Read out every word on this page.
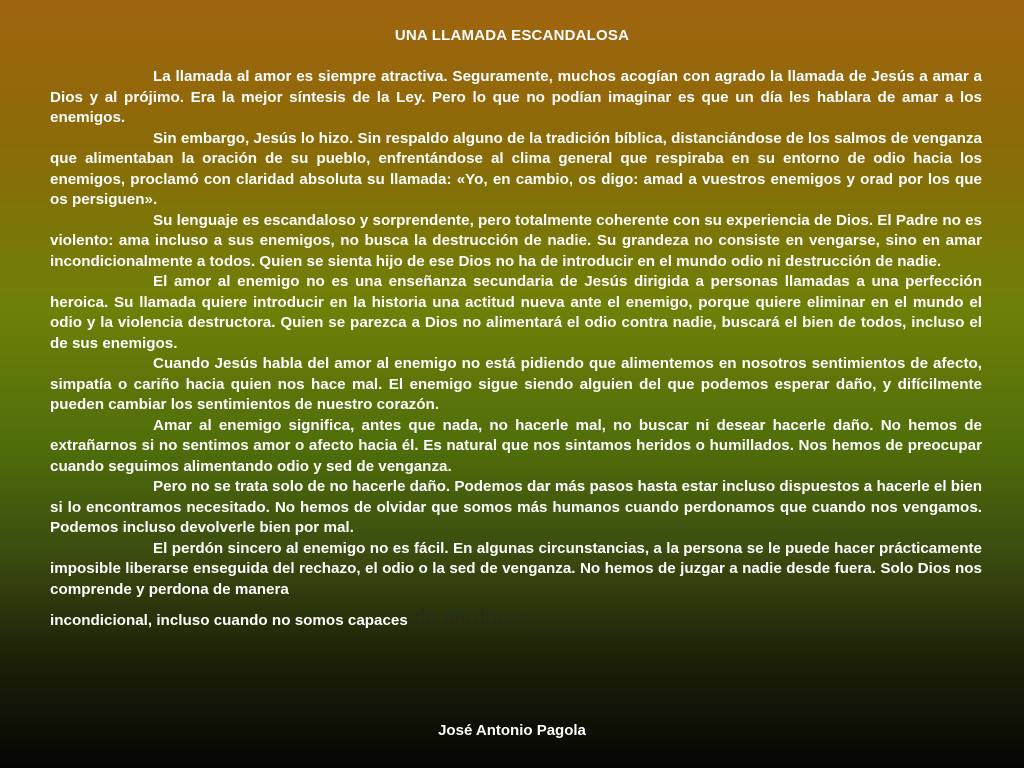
UNA LLAMADA ESCANDALOSA

La llamada al amor es siempre atractiva. Seguramente, muchos acogían con agrado la llamada de Jesús a amar a Dios y al prójimo. Era la mejor síntesis de la Ley. Pero lo que no podían imaginar es que un día les hablara de amar a los enemigos.

Sin embargo, Jesús lo hizo. Sin respaldo alguno de la tradición bíblica, distanciándose de los salmos de venganza que alimentaban la oración de su pueblo, enfrentándose al clima general que respiraba en su entorno de odio hacia los enemigos, proclamó con claridad absoluta su llamada: «Yo, en cambio, os digo: amad a vuestros enemigos y orad por los que os persiguen».

Su lenguaje es escandaloso y sorprendente, pero totalmente coherente con su experiencia de Dios. El Padre no es violento: ama incluso a sus enemigos, no busca la destrucción de nadie. Su grandeza no consiste en vengarse, sino en amar incondicionalmente a todos. Quien se sienta hijo de ese Dios no ha de introducir en el mundo odio ni destrucción de nadie.

El amor al enemigo no es una enseñanza secundaria de Jesús dirigida a personas llamadas a una perfección heroica. Su llamada quiere introducir en la historia una actitud nueva ante el enemigo, porque quiere eliminar en el mundo el odio y la violencia destructora. Quien se parezca a Dios no alimentará el odio contra nadie, buscará el bien de todos, incluso el de sus enemigos.

Cuando Jesús habla del amor al enemigo no está pidiendo que alimentemos en nosotros sentimientos de afecto, simpatía o cariño hacia quien nos hace mal. El enemigo sigue siendo alguien del que podemos esperar daño, y difícilmente pueden cambiar los sentimientos de nuestro corazón.

Amar al enemigo significa, antes que nada, no hacerle mal, no buscar ni desear hacerle daño. No hemos de extrañarnos si no sentimos amor o afecto hacia él. Es natural que nos sintamos heridos o humillados. Nos hemos de preocupar cuando seguimos alimentando odio y sed de venganza.

Pero no se trata solo de no hacerle daño. Podemos dar más pasos hasta estar incluso dispuestos a hacerle el bien si lo encontramos necesitado. No hemos de olvidar que somos más humanos cuando perdonamos que cuando nos vengamos. Podemos incluso devolverle bien por mal.

El perdón sincero al enemigo no es fácil. En algunas circunstancias, a la persona se le puede hacer prácticamente imposible liberarse enseguida del rechazo, el odio o la sed de venganza. No hemos de juzgar a nadie desde fuera. Solo Dios nos comprende y perdona de manera

incondicional, incluso cuando no somos capaces de perdonar.

José Antonio Pagola
